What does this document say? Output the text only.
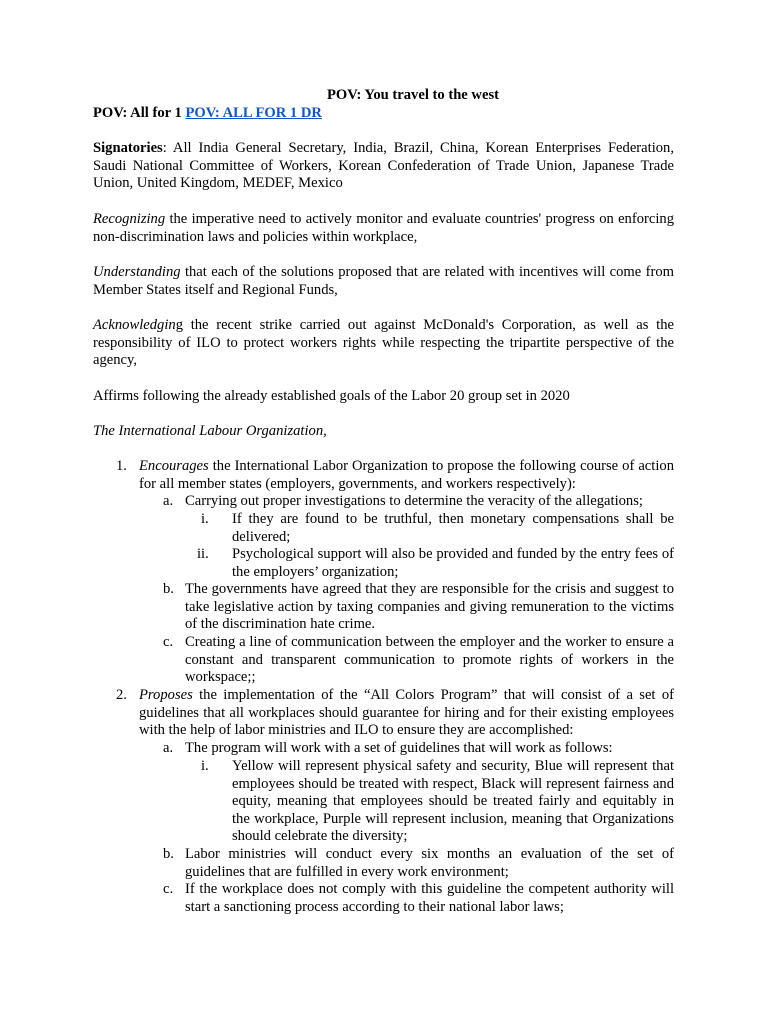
POV: You travel to the west
POV: All for 1 POV: ALL FOR 1 DR
Signatories: All India General Secretary, India, Brazil, China, Korean Enterprises Federation, Saudi National Committee of Workers, Korean Confederation of Trade Union, Japanese Trade Union, United Kingdom, MEDEF, Mexico
Recognizing the imperative need to actively monitor and evaluate countries' progress on enforcing non-discrimination laws and policies within workplace,
Understanding that each of the solutions proposed that are related with incentives will come from Member States itself and Regional Funds,
Acknowledging the recent strike carried out against McDonald's Corporation, as well as the responsibility of ILO to protect workers rights while respecting the tripartite perspective of the agency,
Affirms following the already established goals of the Labor 20 group set in 2020
The International Labour Organization,
1. Encourages the International Labor Organization to propose the following course of action for all member states (employers, governments, and workers respectively):
a. Carrying out proper investigations to determine the veracity of the allegations;
i. If they are found to be truthful, then monetary compensations shall be delivered;
ii. Psychological support will also be provided and funded by the entry fees of the employers’ organization;
b. The governments have agreed that they are responsible for the crisis and suggest to take legislative action by taxing companies and giving remuneration to the victims of the discrimination hate crime.
c. Creating a line of communication between the employer and the worker to ensure a constant and transparent communication to promote rights of workers in the workspace;;
2. Proposes the implementation of the “All Colors Program” that will consist of a set of guidelines that all workplaces should guarantee for hiring and for their existing employees with the help of labor ministries and ILO to ensure they are accomplished:
a. The program will work with a set of guidelines that will work as follows:
i. Yellow will represent physical safety and security, Blue will represent that employees should be treated with respect, Black will represent fairness and equity, meaning that employees should be treated fairly and equitably in the workplace, Purple will represent inclusion, meaning that Organizations should celebrate the diversity;
b. Labor ministries will conduct every six months an evaluation of the set of guidelines that are fulfilled in every work environment;
c. If the workplace does not comply with this guideline the competent authority will start a sanctioning process according to their national labor laws;
